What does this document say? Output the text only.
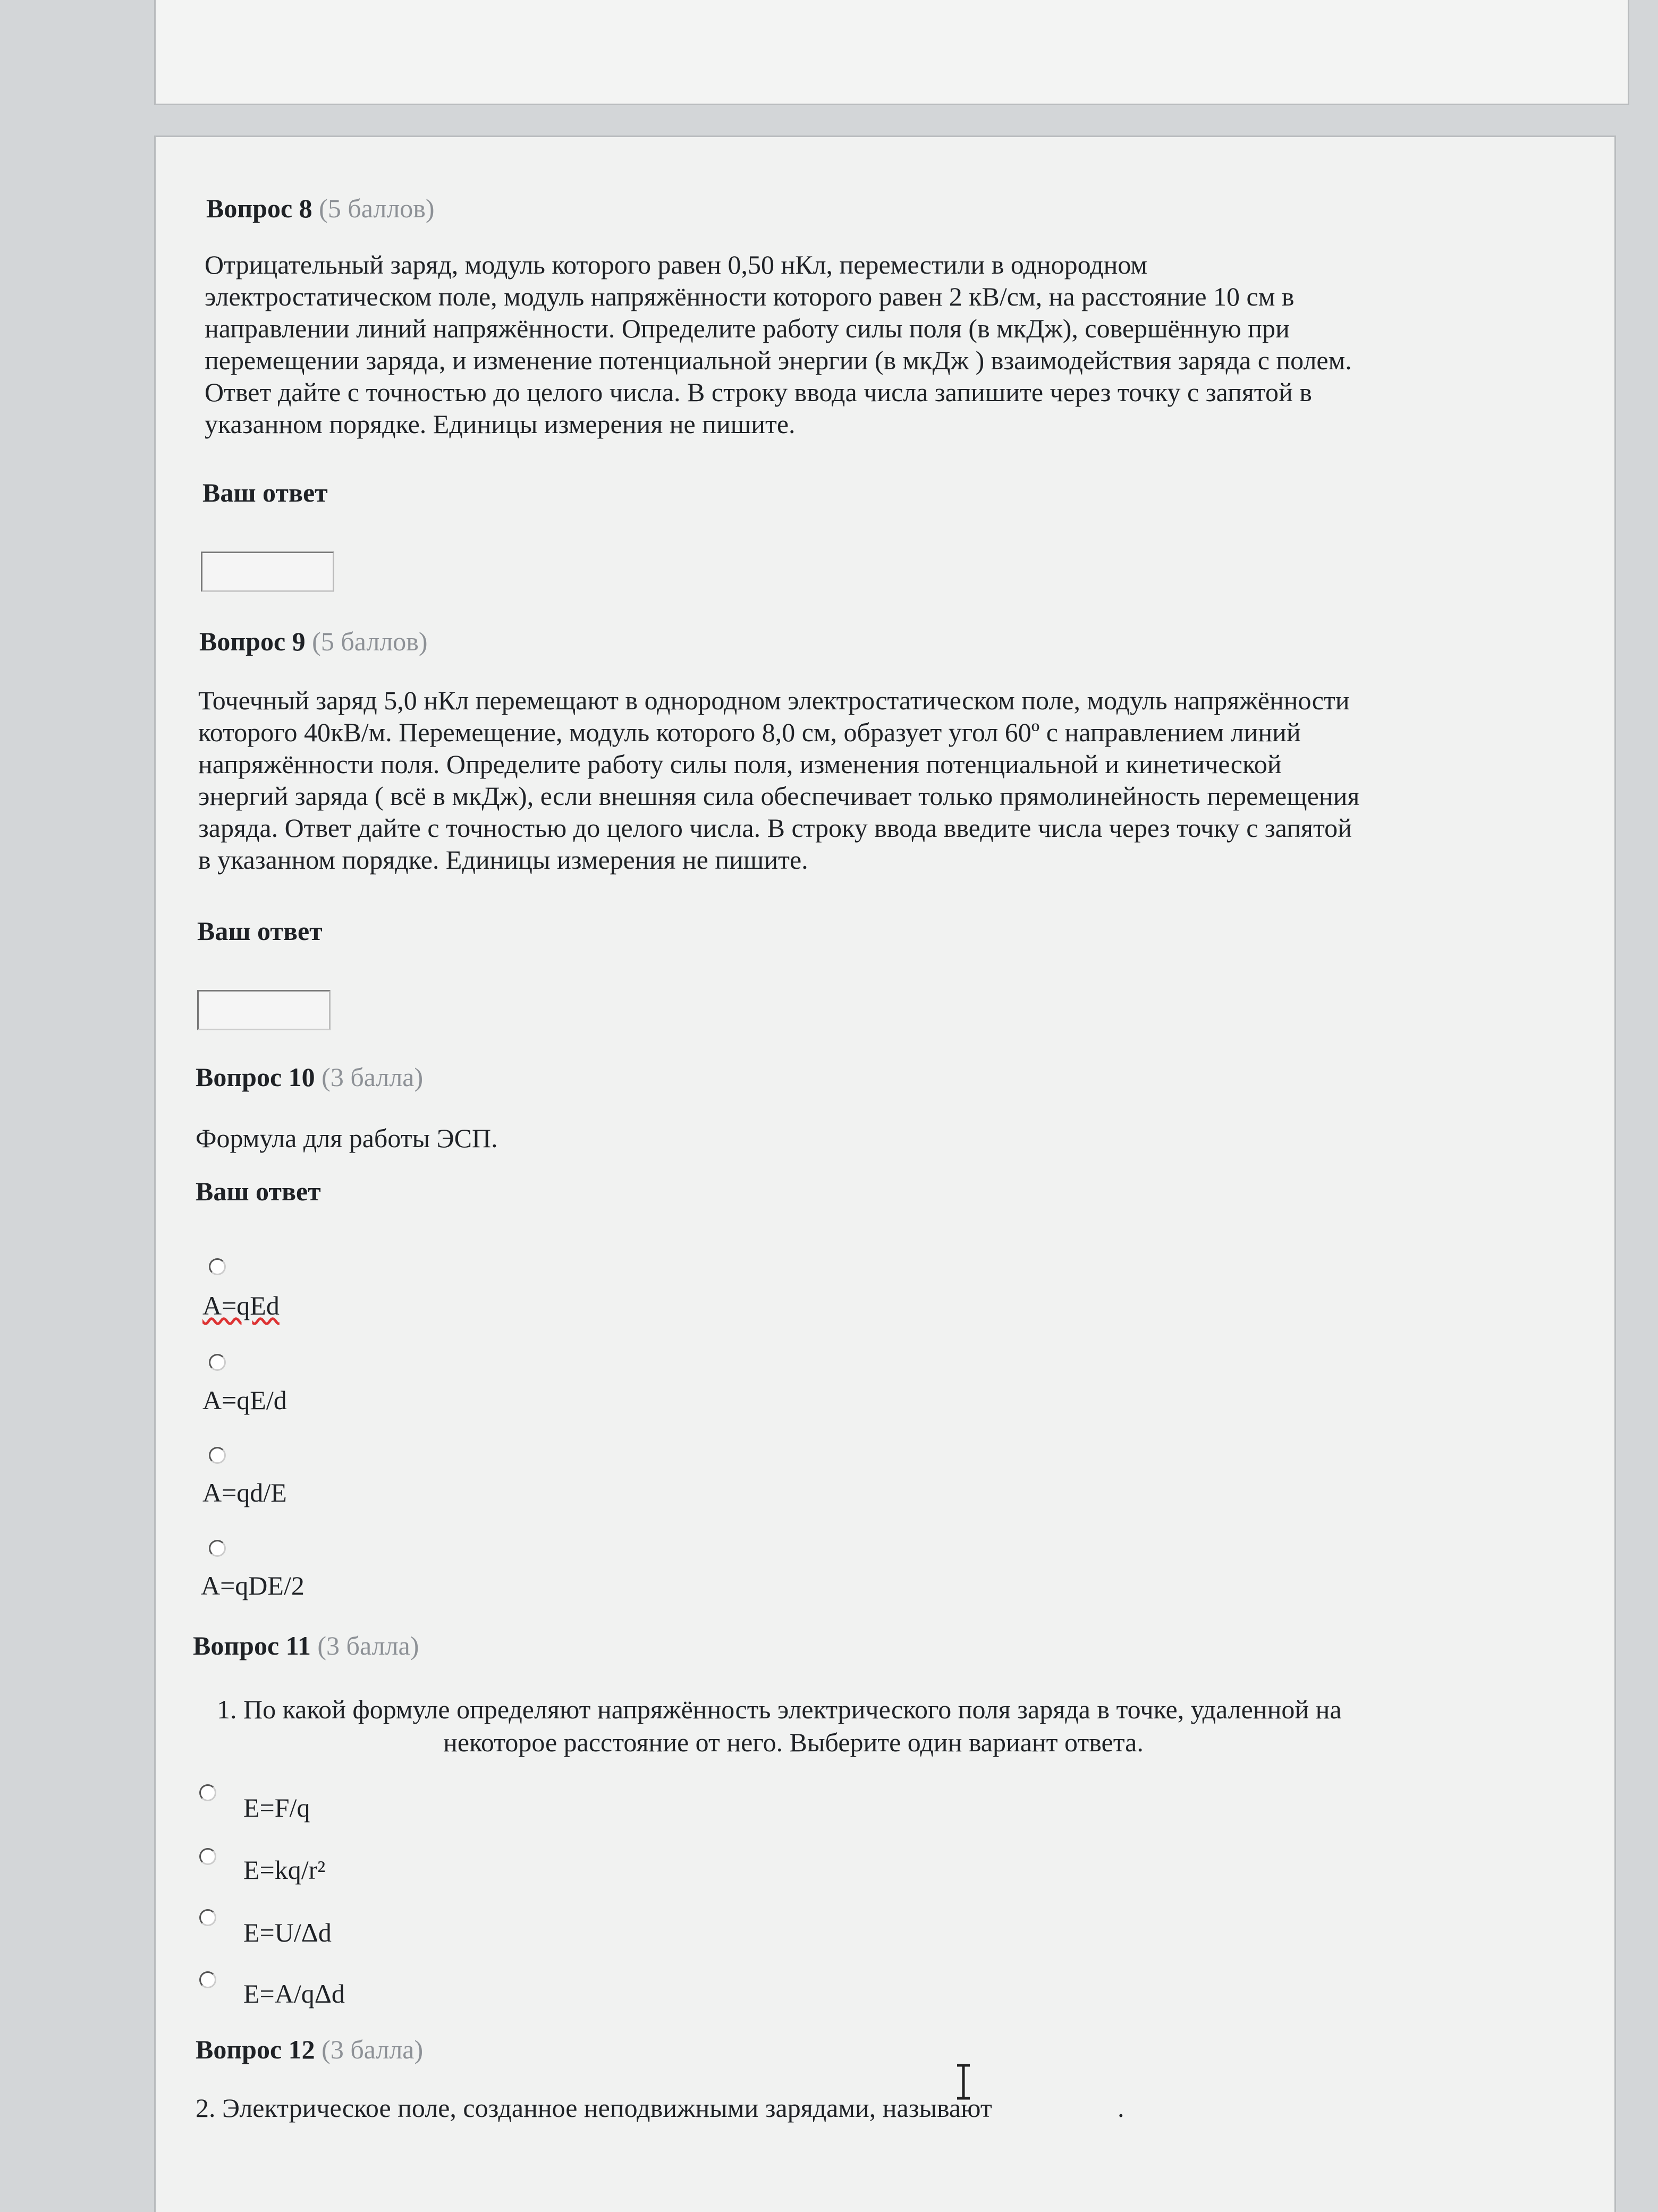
Вопрос 8 (5 баллов)

Отрицательный заряд, модуль которого равен 0,50 нКл, переместили в однородном
электростатическом поле, модуль напряжённости которого равен 2 кВ/см, на расстояние 10 см в
направлении линий напряжённости. Определите работу силы поля (в мкДж), совершённую при
перемещении заряда, и изменение потенциальной энергии (в мкДж ) взаимодействия заряда с полем.
Ответ дайте с точностью до целого числа. В строку ввода числа запишите через точку с запятой в
указанном порядке. Единицы измерения не пишите.

Ваш ответ

Вопрос 9 (5 баллов)

Точечный заряд 5,0 нКл перемещают в однородном электростатическом поле, модуль напряжённости
которого 40кВ/м. Перемещение, модуль которого 8,0 см, образует угол 60º с направлением линий
напряжённости поля. Определите работу силы поля, изменения потенциальной и кинетической
энергий заряда ( всё в мкДж), если внешняя сила обеспечивает только прямолинейность перемещения
заряда. Ответ дайте с точностью до целого числа. В строку ввода введите числа через точку с запятой
в указанном порядке. Единицы измерения не пишите.

Ваш ответ

Вопрос 10 (3 балла)

Формула для работы ЭСП.

Ваш ответ

A=qEd

A=qE/d

A=qd/E

A=qDE/2

Вопрос 11 (3 балла)

1. По какой формуле определяют напряжённость электрического поля заряда в точке, удаленной на

некоторое расстояние от него. Выберите один вариант ответа.

E=F/q

E=kq/r²

E=U/Δd

E=A/qΔd

Вопрос 12 (3 балла)

2. Электрическое поле, созданное неподвижными зарядами, называют	.
